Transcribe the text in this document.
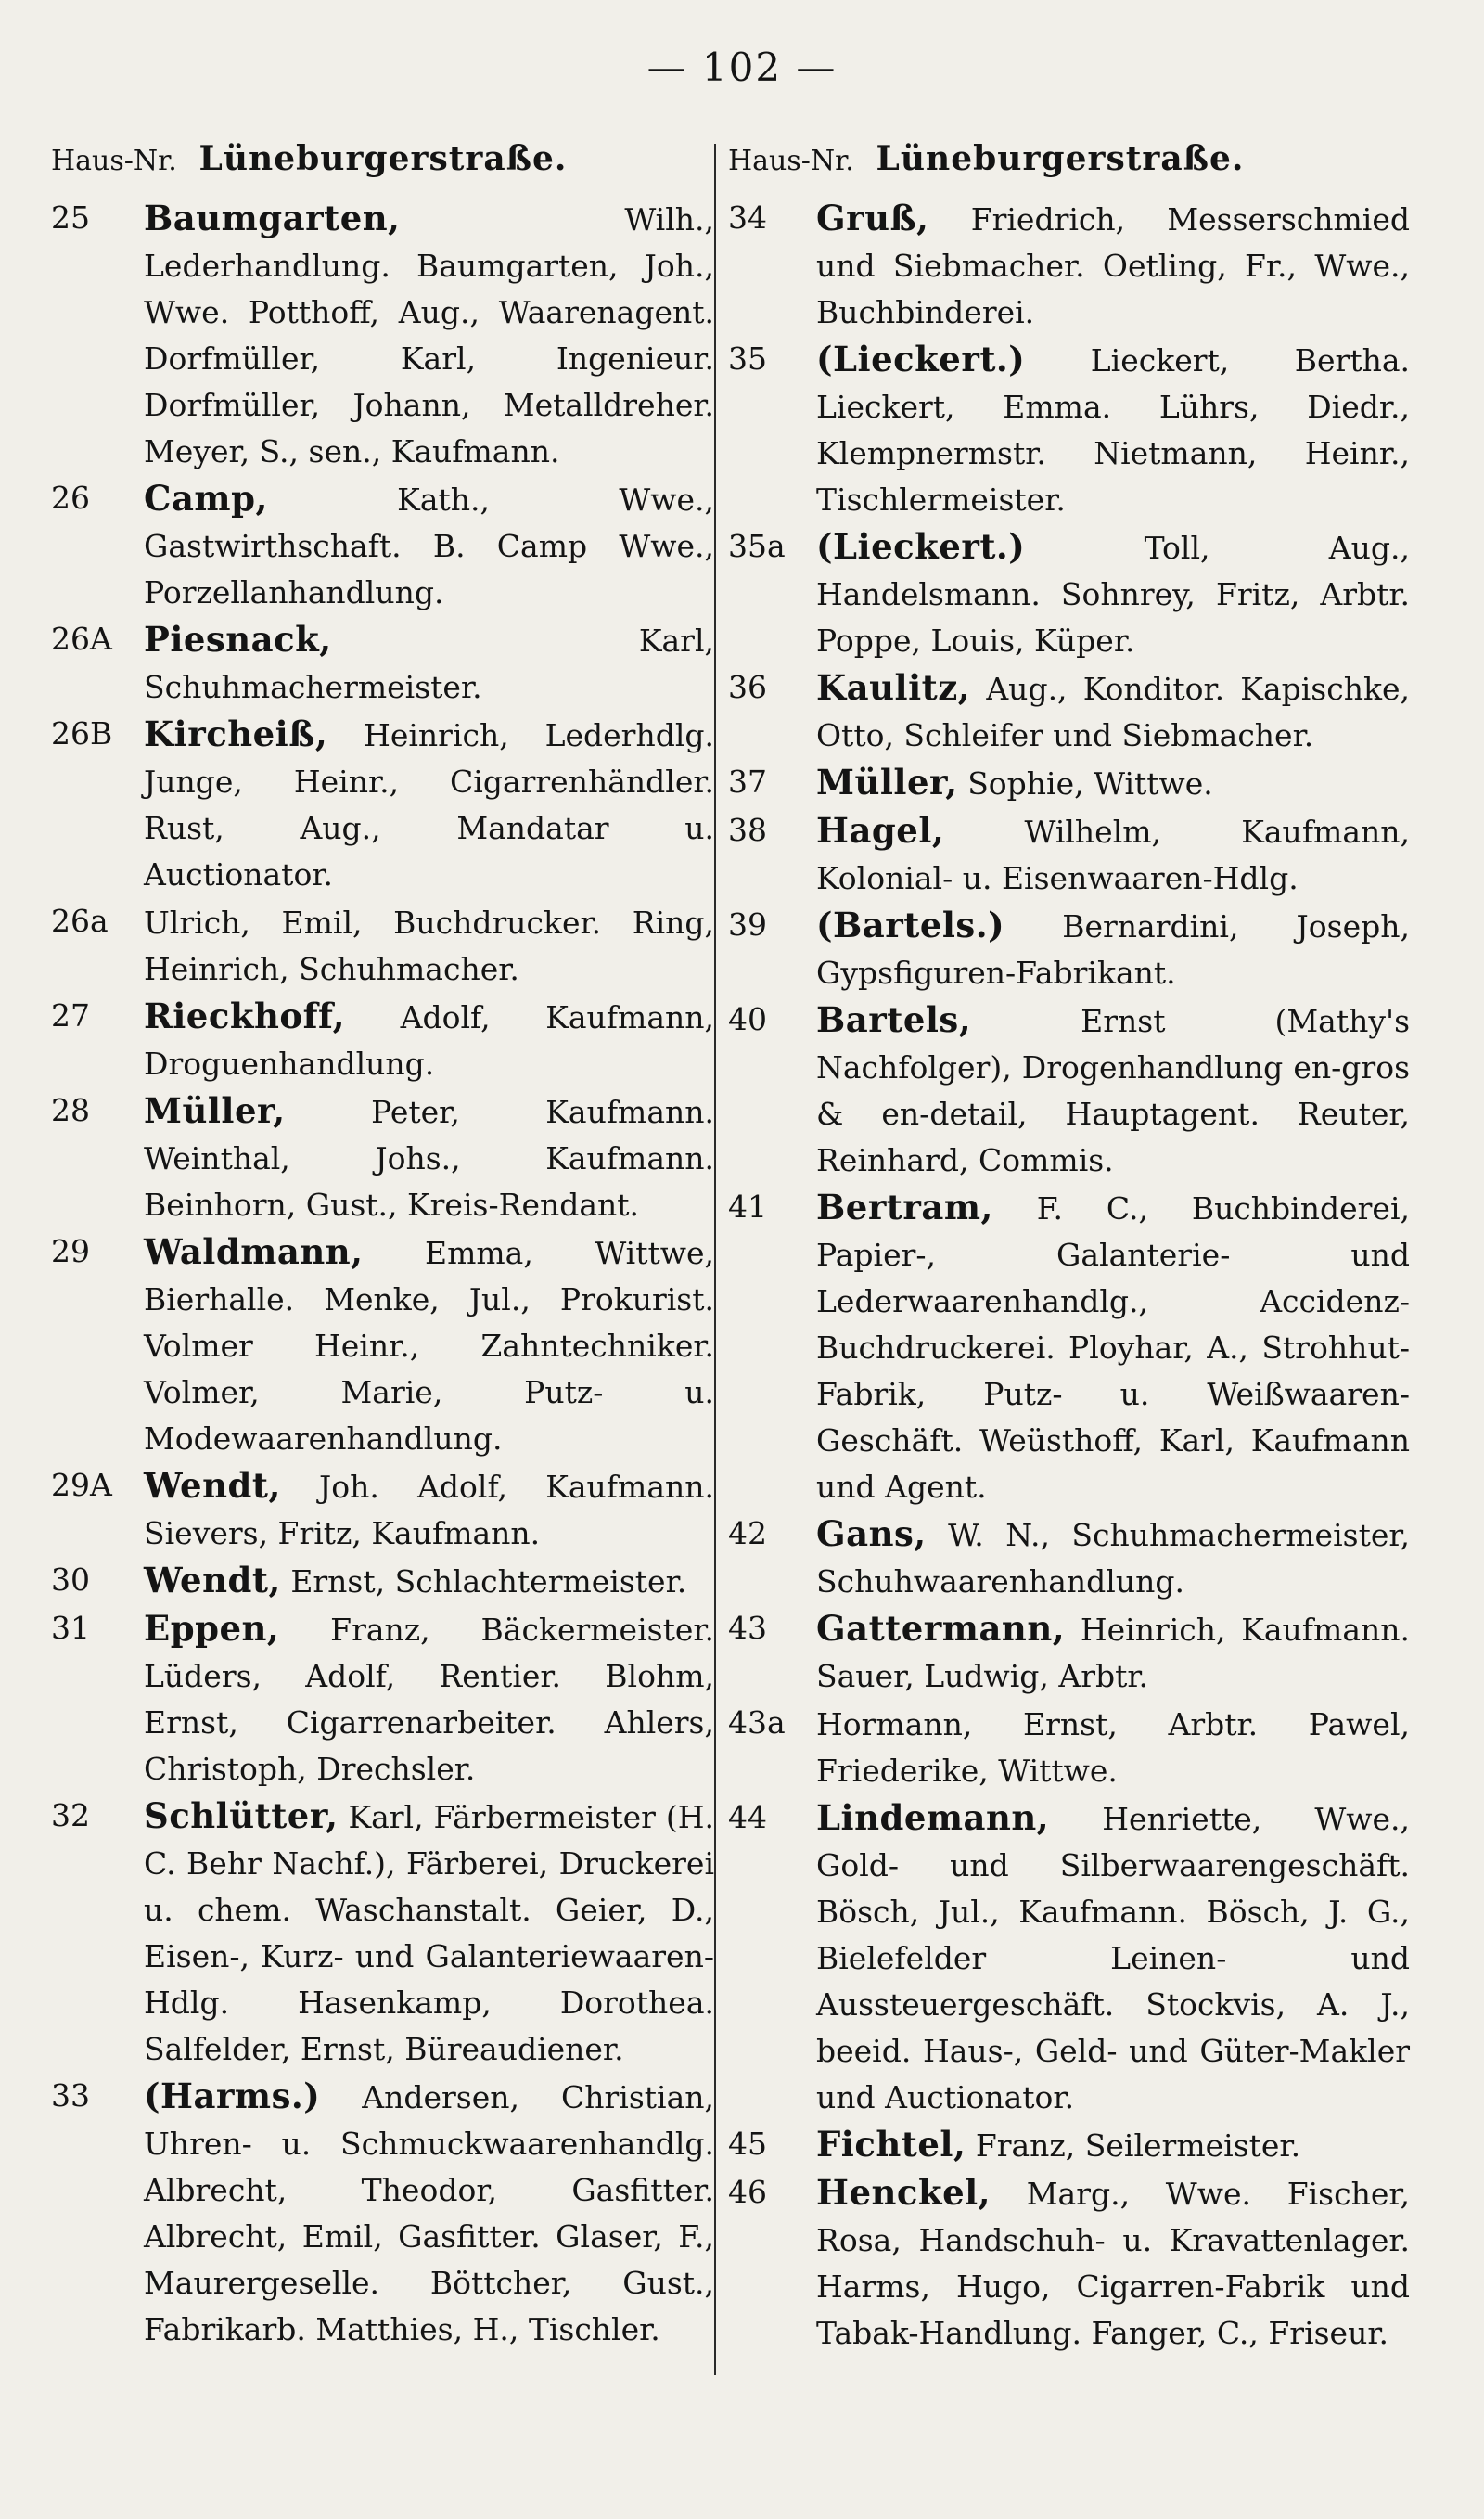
— 102 —
Haus-Nr. Lüneburgerstraße.
25	Baumgarten, Wilh., Lederhandlung. Baumgarten, Joh., Wwe. Potthoff, Aug., Waarenagent. Dorfmüller, Karl, Ingenieur. Dorfmüller, Johann, Metalldreher. Meyer, S., sen., Kaufmann.
26	Camp, Kath., Wwe., Gastwirthschaft. B. Camp Wwe., Porzellanhandlung.
26A Piesnack, Karl, Schuhmachermeister.
26B Kircheiß, Heinrich, Lederhdlg. Junge, Heinr., Cigarrenhändler. Rust, Aug., Mandatar u. Auctionator.
26a	Ulrich, Emil, Buchdrucker. Ring, Heinrich, Schuhmacher.
27	Rieckhoff, Adolf, Kaufmann, Droguenhandlung.
28	Müller, Peter, Kaufmann. Weinthal, Johs., Kaufmann. Beinhorn, Gust., Kreis-Rendant.
29	Waldmann, Emma, Wittwe, Bierhalle. Menke, Jul., Prokurist. Volmer Heinr., Zahntechniker. Volmer, Marie, Putz- u. Modewaarenhandlung.
29A Wendt, Joh. Adolf, Kaufmann. Sievers, Fritz, Kaufmann.
30	Wendt, Ernst, Schlachtermeister.
31	Eppen, Franz, Bäckermeister. Lüders, Adolf, Rentier. Blohm, Ernst, Cigarrenarbeiter. Ahlers, Christoph, Drechsler.
32	Schlütter, Karl, Färbermeister (H. C. Behr Nachf.), Färberei, Druckerei u. chem. Waschanstalt. Geier, D., Eisen-, Kurz- und Galanteriewaaren-Hdlg. Hasenkamp, Dorothea. Salfelder, Ernst, Büreaudiener.
33	(Harms.) Andersen, Christian, Uhren- u. Schmuckwaarenhandlg. Albrecht, Theodor, Gasfitter. Albrecht, Emil, Gasfitter. Glaser, F., Maurergeselle. Böttcher, Gust., Fabrikarb. Matthies, H., Tischler.
Haus-Nr. Lüneburgerstraße.
34	Gruß, Friedrich, Messerschmied und Siebmacher. Oetling, Fr., Wwe., Buchbinderei.
35	(Lieckert.) Lieckert, Bertha. Lieckert, Emma. Lührs, Diedr., Klempnermstr. Nietmann, Heinr., Tischlermeister.
35a (Lieckert.) Toll, Aug., Handelsmann. Sohnrey, Fritz, Arbtr. Poppe, Louis, Küper.
36	Kaulitz, Aug., Konditor. Kapischke, Otto, Schleifer und Siebmacher.
37	Müller, Sophie, Wittwe.
38	Hagel, Wilhelm, Kaufmann, Kolonial- u. Eisenwaaren-Hdlg.
39	(Bartels.) Bernardini, Joseph, Gypsfiguren-Fabrikant.
40	Bartels, Ernst (Mathy's Nachfolger), Drogenhandlung en-gros & en-detail, Hauptagent. Reuter, Reinhard, Commis.
41	Bertram, F. C., Buchbinderei, Papier-, Galanterie- und Lederwaarenhandlg., Accidenz-Buchdruckerei. Ployhar, A., Strohhut-Fabrik, Putz- u. Weißwaaren-Geschäft. Weüsthoff, Karl, Kaufmann und Agent.
42	Gans, W. N., Schuhmachermeister, Schuhwaarenhandlung.
43	Gattermann, Heinrich, Kaufmann. Sauer, Ludwig, Arbtr.
43a	Hormann, Ernst, Arbtr. Pawel, Friederike, Wittwe.
44	Lindemann, Henriette, Wwe., Gold- und Silberwaarengeschäft. Bösch, Jul., Kaufmann. Bösch, J. G., Bielefelder Leinen- und Aussteuergeschäft. Stockvis, A. J., beeid. Haus-, Geld- und Güter-Makler und Auctionator.
45	Fichtel, Franz, Seilermeister.
46	Henckel, Marg., Wwe. Fischer, Rosa, Handschuh- u. Kravattenlager. Harms, Hugo, Cigarren-Fabrik und Tabak-Handlung. Fanger, C., Friseur.
